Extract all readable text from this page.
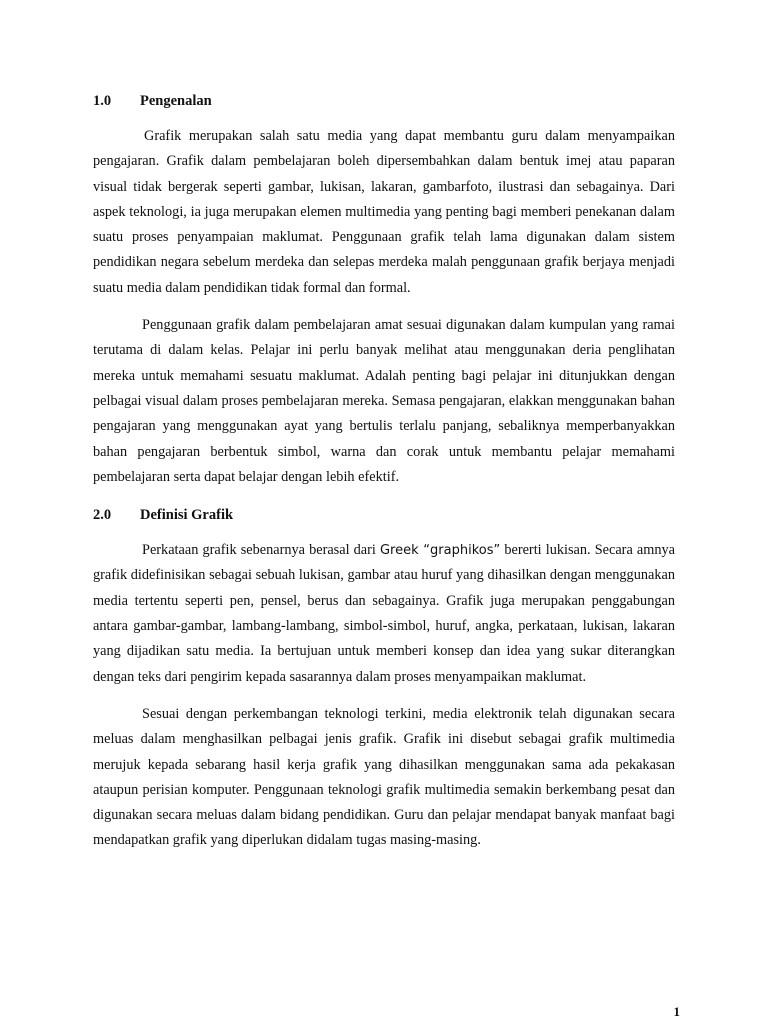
1.0	Pengenalan

Grafik merupakan salah satu media yang dapat membantu guru dalam menyampaikan pengajaran. Grafik dalam pembelajaran boleh dipersembahkan dalam bentuk imej atau paparan visual tidak bergerak seperti gambar, lukisan, lakaran, gambarfoto, ilustrasi dan sebagainya. Dari aspek teknologi, ia juga merupakan elemen multimedia yang penting bagi memberi penekanan dalam suatu proses penyampaian maklumat. Penggunaan grafik telah lama digunakan dalam sistem pendidikan negara sebelum merdeka dan selepas merdeka malah penggunaan grafik berjaya menjadi suatu media dalam pendidikan tidak formal dan formal.

Penggunaan grafik dalam pembelajaran amat sesuai digunakan dalam kumpulan yang ramai terutama di dalam kelas. Pelajar ini perlu banyak melihat atau menggunakan deria penglihatan mereka untuk memahami sesuatu maklumat. Adalah penting bagi pelajar ini ditunjukkan dengan pelbagai visual dalam proses pembelajaran mereka. Semasa pengajaran, elakkan menggunakan bahan pengajaran yang menggunakan ayat yang bertulis terlalu panjang, sebaliknya memperbanyakkan bahan pengajaran berbentuk simbol, warna dan corak untuk membantu pelajar memahami pembelajaran serta dapat belajar dengan lebih efektif.

2.0	Definisi Grafik

Perkataan grafik sebenarnya berasal dari Greek “graphikos” bererti lukisan. Secara amnya grafik didefinisikan sebagai sebuah lukisan, gambar atau huruf yang dihasilkan dengan menggunakan media tertentu seperti pen, pensel, berus dan sebagainya. Grafik juga merupakan penggabungan antara gambar-gambar, lambang-lambang, simbol-simbol, huruf, angka, perkataan, lukisan, lakaran yang dijadikan satu media. Ia bertujuan untuk memberi konsep dan idea yang sukar diterangkan dengan teks dari pengirim kepada sasarannya dalam proses menyampaikan maklumat.

Sesuai dengan perkembangan teknologi terkini, media elektronik telah digunakan secara meluas dalam menghasilkan pelbagai jenis grafik. Grafik ini disebut sebagai grafik multimedia merujuk kepada sebarang hasil kerja grafik yang dihasilkan menggunakan sama ada pekakasan ataupun perisian komputer. Penggunaan teknologi grafik multimedia semakin berkembang pesat dan digunakan secara meluas dalam bidang pendidikan. Guru dan pelajar mendapat banyak manfaat bagi mendapatkan grafik yang diperlukan didalam tugas masing-masing.

1
